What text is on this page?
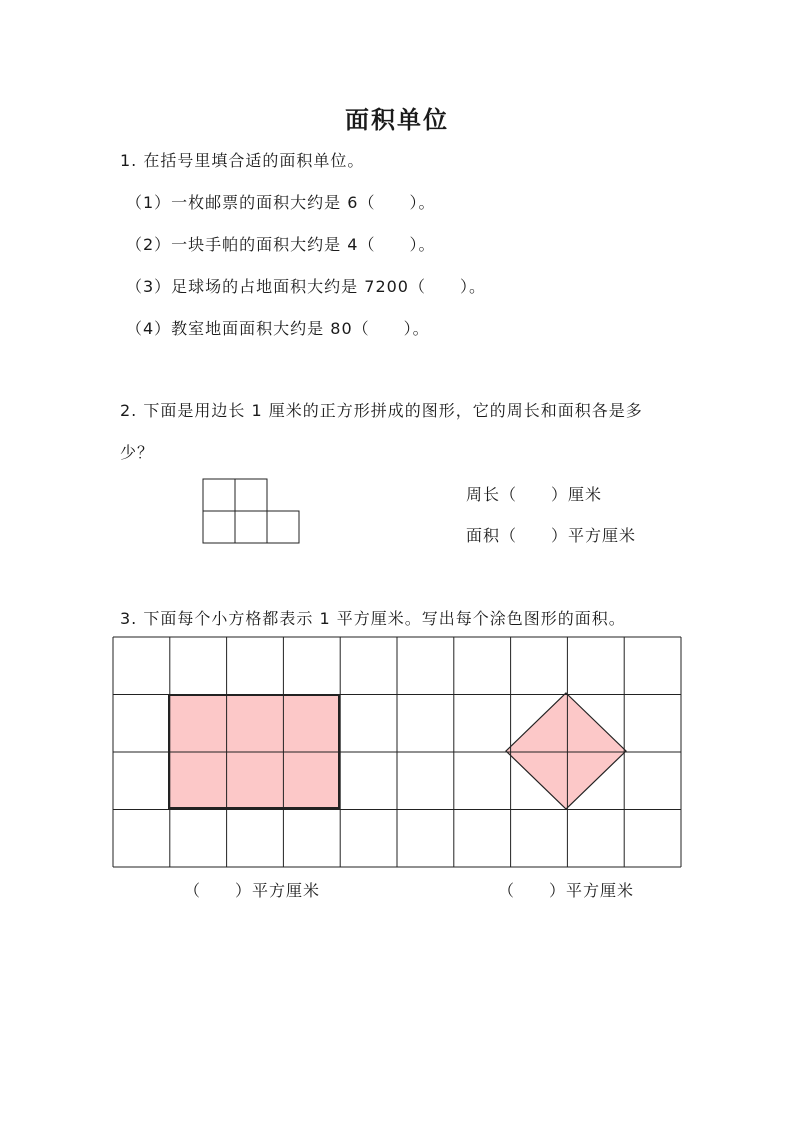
面积单位
1. 在括号里填合适的面积单位。
（1）一枚邮票的面积大约是 6（　　）。
（2）一块手帕的面积大约是 4（　　）。
（3）足球场的占地面积大约是 7200（　　）。
（4）教室地面面积大约是 80（　　）。
2. 下面是用边长 1 厘米的正方形拼成的图形，它的周长和面积各是多
少？
周长（　　）厘米
面积（　　）平方厘米
3. 下面每个小方格都表示 1 平方厘米。写出每个涂色图形的面积。
（　　）平方厘米	（　　）平方厘米
